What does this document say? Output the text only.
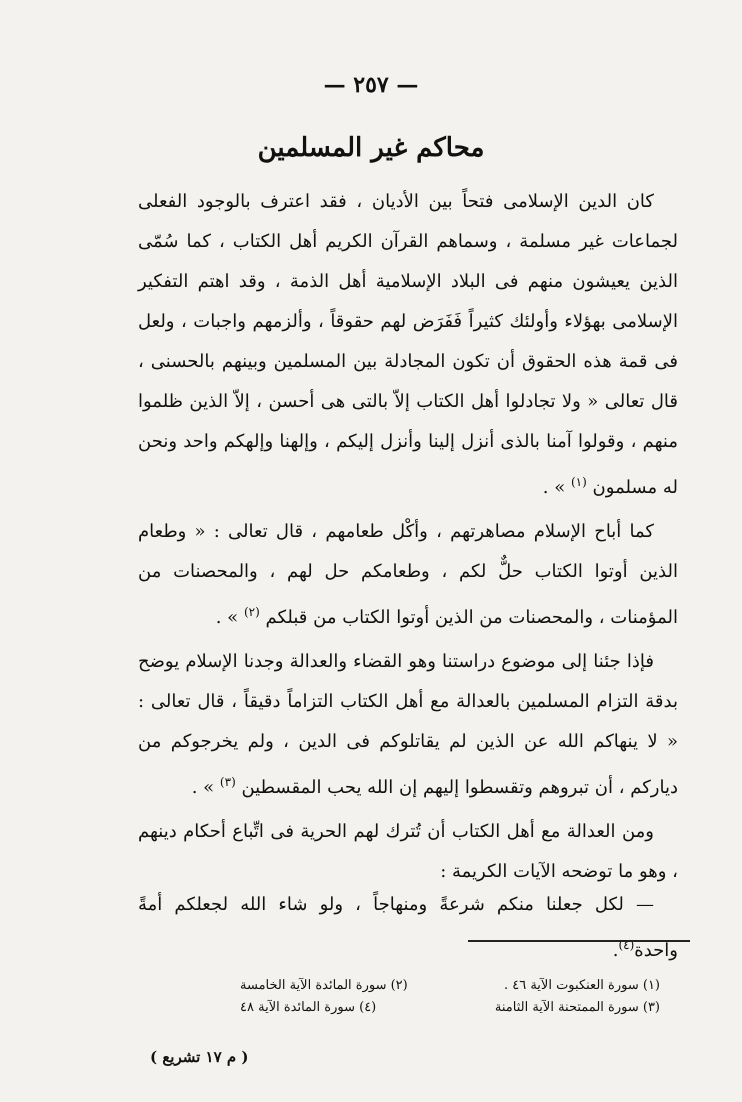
— ٢٥٧ —
محاكم غير المسلمين

كان الدين الإسلامى فتحاً بين الأديان ، فقد اعترف بالوجود الفعلى لجماعات غير مسلمة ، وسماهم القرآن الكريم أهل الكتاب ، كما سُمّى الذين يعيشون منهم فى البلاد الإسلامية أهل الذمة ، وقد اهتم التفكير الإسلامى بهؤلاء وأولئك كثيراً فَفَرَض لهم حقوقاً ، وألزمهم واجبات ، ولعل فى قمة هذه الحقوق أن تكون المجادلة بين المسلمين وبينهم بالحسنى ، قال تعالى « ولا تجادلوا أهل الكتاب إلاّ بالتى هى أحسن ، إلاّ الذين ظلموا منهم ، وقولوا آمنا بالذى أنزل إلينا وأنزل إليكم ، وإلهنا وإلهكم واحد ونحن له مسلمون $^{(١)}$ » .

كما أباح الإسلام مصاهرتهم ، وأكْل طعامهم ، قال تعالى : « وطعام الذين أوتوا الكتاب حلٌّ لكم ، وطعامكم حل لهم ، والمحصنات من المؤمنات ، والمحصنات من الذين أوتوا الكتاب من قبلكم $^{(٢)}$ » .

فإذا جئنا إلى موضوع دراستنا وهو القضاء والعدالة وجدنا الإسلام يوضح بدقة التزام المسلمين بالعدالة مع أهل الكتاب التزاماً دقيقاً ، قال تعالى : « لا ينهاكم الله عن الذين لم يقاتلوكم فى الدين ، ولم يخرجوكم من دياركم ، أن تبروهم وتقسطوا إليهم إن الله يحب المقسطين $^{(٣)}$ » .

ومن العدالة مع أهل الكتاب أن تُترك لهم الحرية فى اتِّباع أحكام دينهم ، وهو ما توضحه الآيات الكريمة :

— لكل جعلنا منكم شرعةً ومنهاجاً ، ولو شاء الله لجعلكم أمةً واحدة$^{(٤)}$.

(١) سورة العنكبوت الآية ٤٦ .
(٢) سورة المائدة الآية الخامسة
(٣) سورة الممتحنة الآية الثامنة
(٤) سورة المائدة الآية ٤٨
( م ١٧ تشريع )
